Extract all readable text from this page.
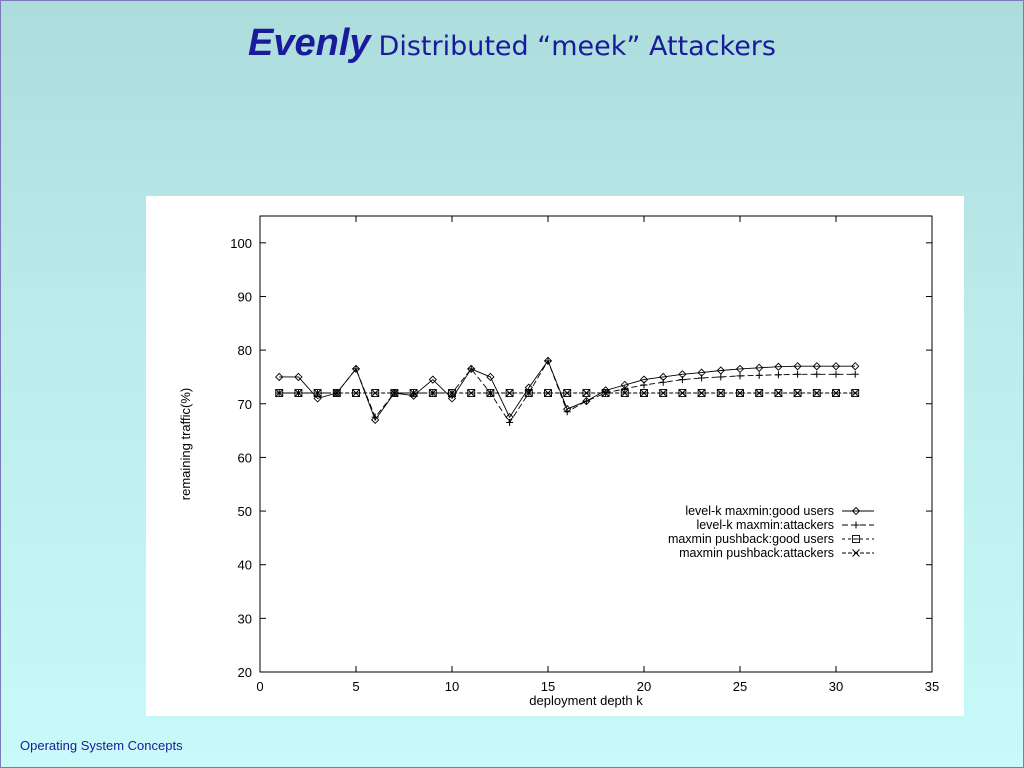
Evenly Distributed “meek” Attackers
20
30
40
50
60
70
80
90
100
0	5	10	15	20	25	30	35
deployment depth k
remaining traffic(%)
level-k maxmin:good users
level-k maxmin:attackers
maxmin pushback:good users
maxmin pushback:attackers
Operating System Concepts
